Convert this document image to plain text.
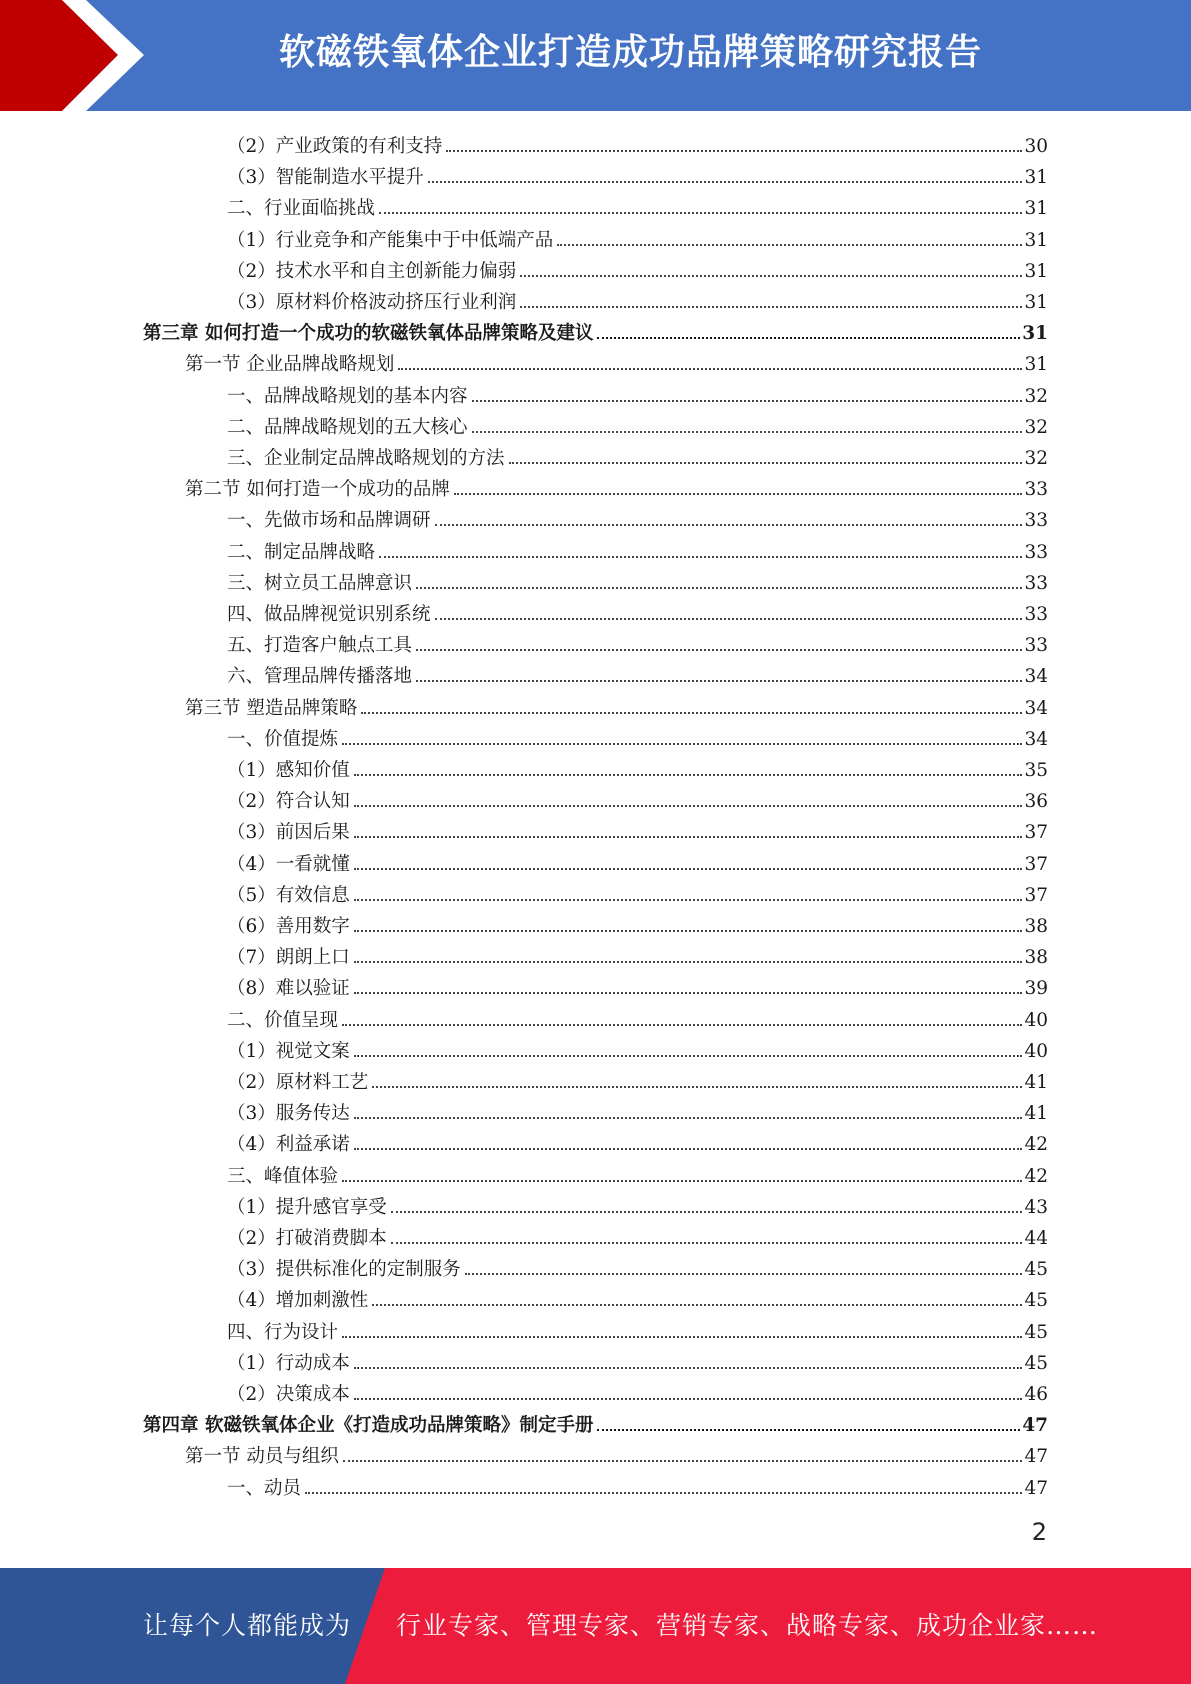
软磁铁氧体企业打造成功品牌策略研究报告
（2）产业政策的有利支持	30
（3）智能制造水平提升	31
二、行业面临挑战	31
（1）行业竞争和产能集中于中低端产品	31
（2）技术水平和自主创新能力偏弱	31
（3）原材料价格波动挤压行业利润	31
第三章 如何打造一个成功的软磁铁氧体品牌策略及建议	31
第一节 企业品牌战略规划	31
一、品牌战略规划的基本内容	32
二、品牌战略规划的五大核心	32
三、企业制定品牌战略规划的方法	32
第二节 如何打造一个成功的品牌	33
一、先做市场和品牌调研	33
二、制定品牌战略	33
三、树立员工品牌意识	33
四、做品牌视觉识别系统	33
五、打造客户触点工具	33
六、管理品牌传播落地	34
第三节 塑造品牌策略	34
一、价值提炼	34
（1）感知价值	35
（2）符合认知	36
（3）前因后果	37
（4）一看就懂	37
（5）有效信息	37
（6）善用数字	38
（7）朗朗上口	38
（8）难以验证	39
二、价值呈现	40
（1）视觉文案	40
（2）原材料工艺	41
（3）服务传达	41
（4）利益承诺	42
三、峰值体验	42
（1）提升感官享受	43
（2）打破消费脚本	44
（3）提供标准化的定制服务	45
（4）增加刺激性	45
四、行为设计	45
（1）行动成本	45
（2）决策成本	46
第四章 软磁铁氧体企业《打造成功品牌策略》制定手册	47
第一节 动员与组织	47
一、动员	47
2
让每个人都能成为 行业专家、管理专家、营销专家、战略专家、成功企业家……
